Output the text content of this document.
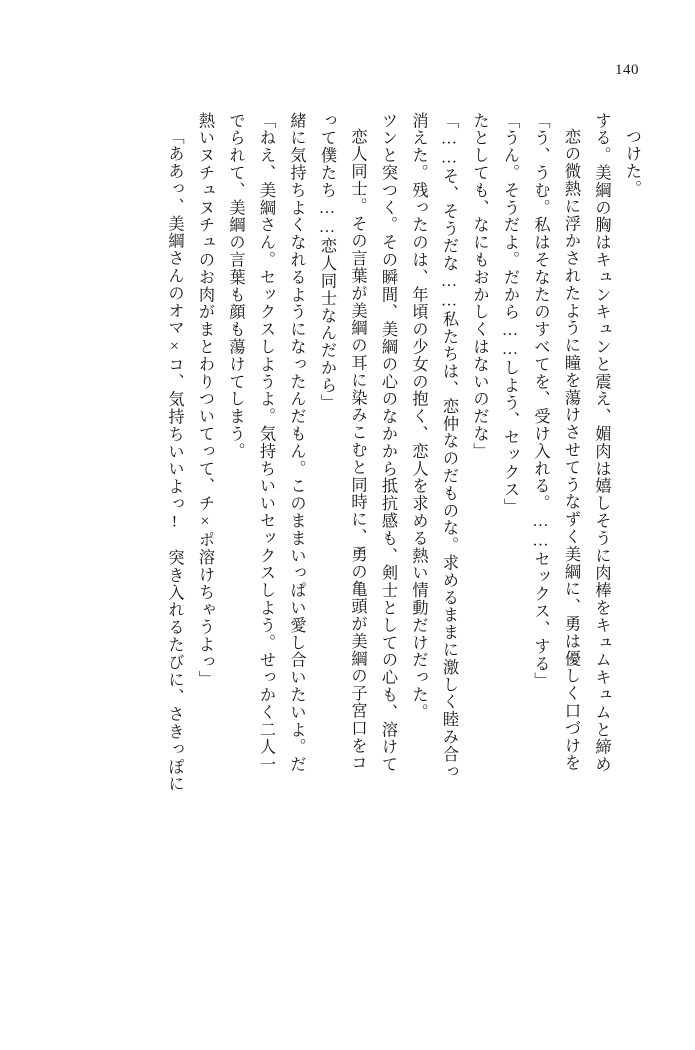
140

つけた。

する。美綱の胸はキュンキュンと震え、媚肉は嬉しそうに肉棒をキュムキュムと締め

恋の微熱に浮かされたように瞳を蕩けさせてうなずく美綱に、勇は優しく口づけを

「う、うむ。私はそなたのすべてを、受け入れる。……セックス、する」

「うん。そうだよ。だから……しよう、セックス」

たとしても、なにもおかしくはないのだな」

「……そ、そうだな……私たちは、恋仲なのだものな。求めるままに激しく睦み合っ

消えた。残ったのは、年頃の少女の抱く、恋人を求める熱い情動だけだった。

ツンと突つく。その瞬間、美綱の心のなかから抵抗感も、剣士としての心も、溶けて

恋人同士。その言葉が美綱の耳に染みこむと同時に、勇の亀頭が美綱の子宮口をコ

って僕たち……恋人同士なんだから」

緒に気持ちよくなれるようになったんだもん。このままいっぱい愛し合いたいよ。だ

「ねえ、美綱さん。セックスしようよ。気持ちいいセックスしよう。せっかく二人一

でられて、美綱の言葉も顔も蕩けてしまう。

熱いヌチュヌチュのお肉がまとわりついてって、チ×ポ溶けちゃうよっ」

「ああっ、美綱さんのオマ×コ、気持ちいいよっ!　突き入れるたびに、さきっぽに
